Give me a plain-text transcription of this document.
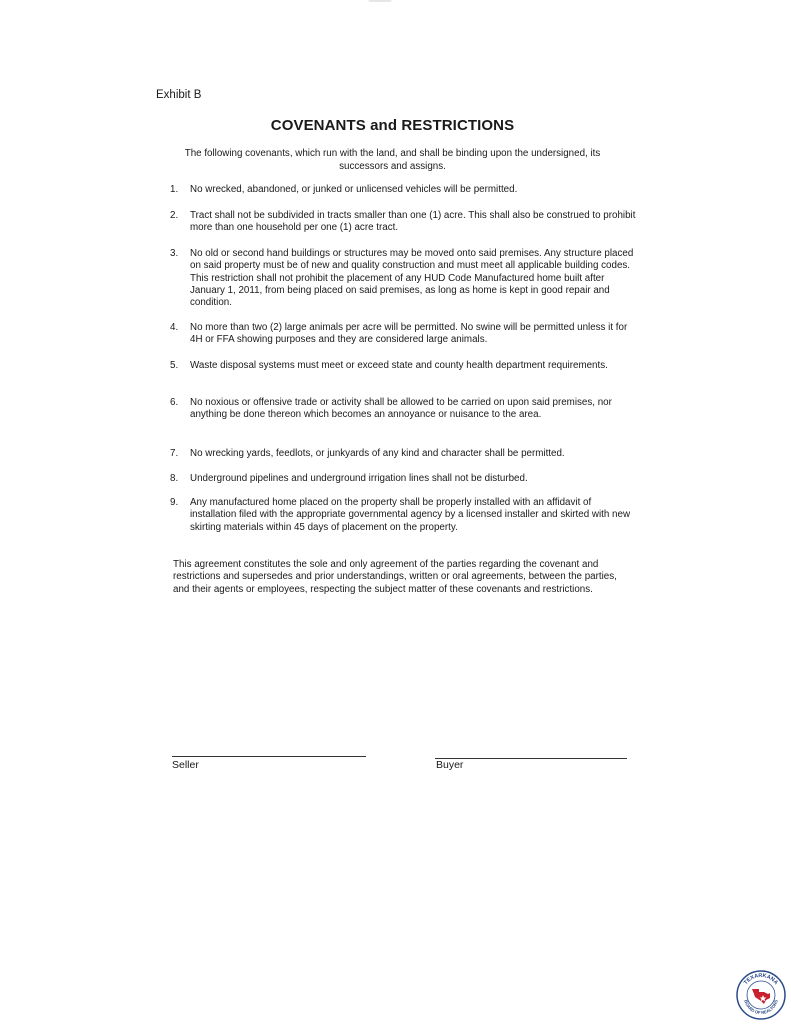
Exhibit B
COVENANTS and RESTRICTIONS
The following covenants, which run with the land, and shall be binding upon the undersigned, its successors and assigns.
1.	No wrecked, abandoned, or junked or unlicensed vehicles will be permitted.
2.	Tract shall not be subdivided in tracts smaller than one (1) acre. This shall also be construed to prohibit more than one household per one (1) acre tract.
3.	No old or second hand buildings or structures may be moved onto said premises. Any structure placed on said property must be of new and quality construction and must meet all applicable building codes. This restriction shall not prohibit the placement of any HUD Code Manufactured home built after January 1, 2011, from being placed on said premises, as long as home is kept in good repair and condition.
4.	No more than two (2) large animals per acre will be permitted. No swine will be permitted unless it for 4H or FFA showing purposes and they are considered large animals.
5.	Waste disposal systems must meet or exceed state and county health department requirements.
6.	No noxious or offensive trade or activity shall be allowed to be carried on upon said premises, nor anything be done thereon which becomes an annoyance or nuisance to the area.
7.	No wrecking yards, feedlots, or junkyards of any kind and character shall be permitted.
8.	Underground pipelines and underground irrigation lines shall not be disturbed.
9.	Any manufactured home placed on the property shall be properly installed with an affidavit of installation filed with the appropriate governmental agency by a licensed installer and skirted with new skirting materials within 45 days of placement on the property.
This agreement constitutes the sole and only agreement of the parties regarding the covenant and restrictions and supersedes and prior understandings, written or oral agreements, between the parties, and their agents or employees, respecting the subject matter of these covenants and restrictions.
Seller	Buyer
TEXARKANA
BOARD OF REALTORS
